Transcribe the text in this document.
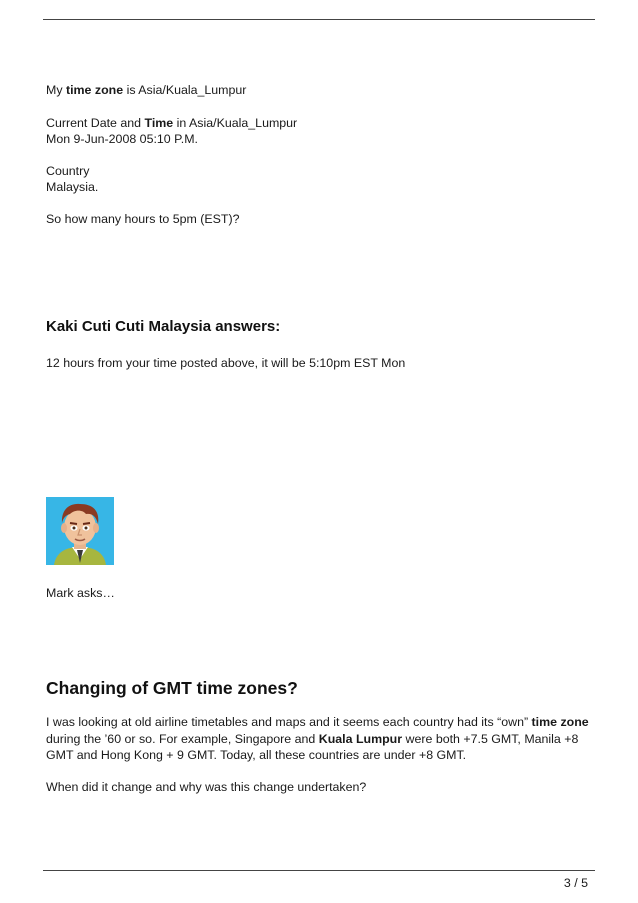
My time zone is Asia/Kuala_Lumpur
Current Date and Time in Asia/Kuala_Lumpur
Mon 9-Jun-2008 05:10 P.M.
Country
Malaysia.
So how many hours to 5pm (EST)?
Kaki Cuti Cuti Malaysia answers:
12 hours from your time posted above, it will be 5:10pm EST Mon
Mark asks…
Changing of GMT time zones?
I was looking at old airline timetables and maps and it seems each country had its “own” time zone during the ’60 or so. For example, Singapore and Kuala Lumpur were both +7.5 GMT, Manila +8 GMT and Hong Kong + 9 GMT. Today, all these countries are under +8 GMT.
When did it change and why was this change undertaken?
3 / 5
